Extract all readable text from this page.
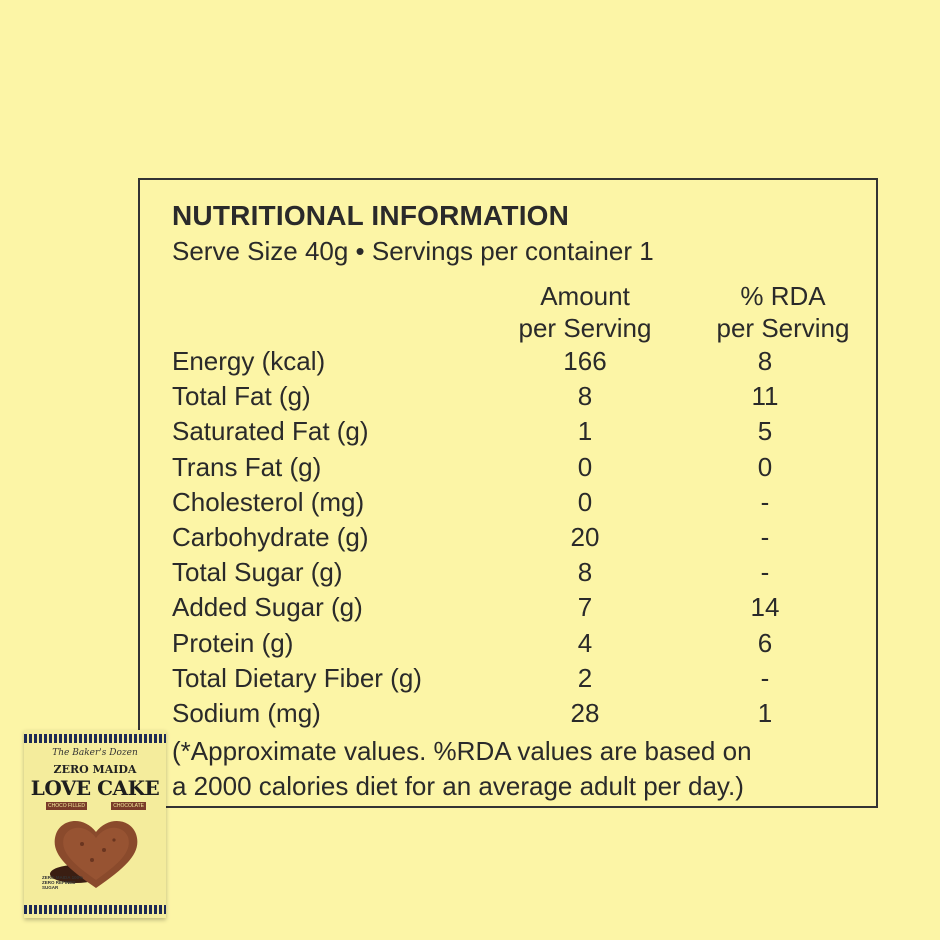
NUTRITIONAL INFORMATION
Serve Size 40g • Servings per container 1
Amount
per Serving
% RDA
per Serving
Energy (kcal)	166	8
Total Fat (g)	8	11
Saturated Fat (g)	1	5
Trans Fat (g)	0	0
Cholesterol (mg)	0	-
Carbohydrate (g)	20	-
Total Sugar (g)	8	-
Added Sugar (g)	7	14
Protein (g)	4	6
Total Dietary Fiber (g)	2	-
Sodium (mg)	28	1
(*Approximate values. %RDA values are based on
a 2000 calories diet for an average adult per day.)
The Baker's Dozen
ZERO MAIDA
LOVE CAKE
CHOCO FILLED	CHOCOLATE
ZERO MAIDA 100% ZERO REFINED SUGAR
